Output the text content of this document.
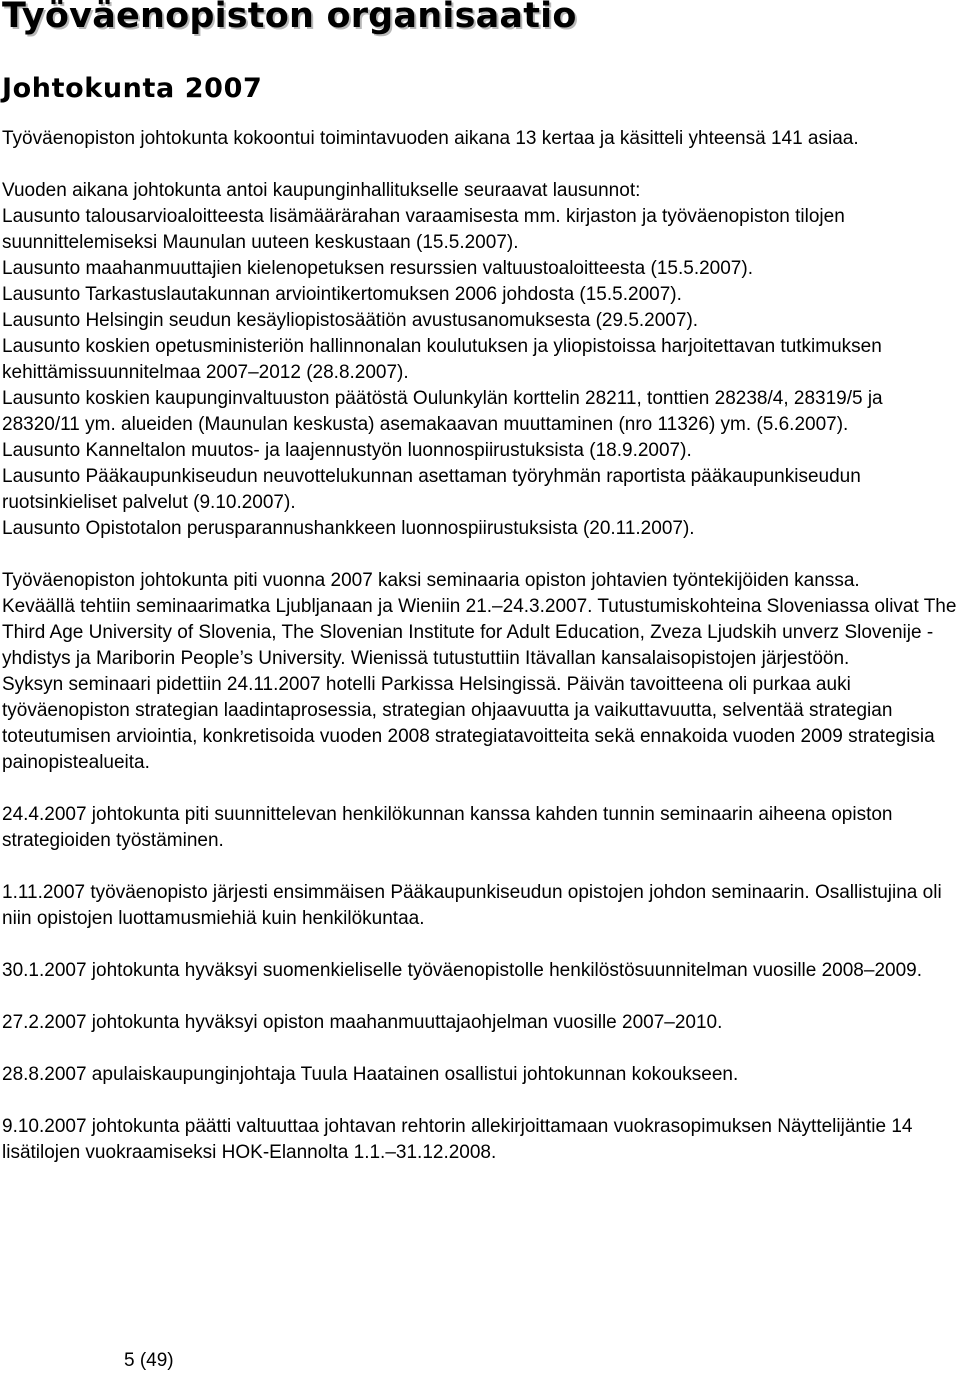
Työväenopiston organisaatio
Johtokunta 2007

Työväenopiston johtokunta kokoontui toimintavuoden aikana 13 kertaa ja käsitteli yhteensä 141 asiaa.

Vuoden aikana johtokunta antoi kaupunginhallitukselle seuraavat lausunnot:

Lausunto talousarvioaloitteesta lisämäärärahan varaamisesta mm. kirjaston ja työväenopiston tilojen suunnittelemiseksi Maunulan uuteen keskustaan (15.5.2007).

Lausunto maahanmuuttajien kielenopetuksen resurssien valtuustoaloitteesta (15.5.2007).

Lausunto Tarkastuslautakunnan arviointikertomuksen 2006 johdosta (15.5.2007).

Lausunto Helsingin seudun kesäyliopistosäätiön avustusanomuksesta (29.5.2007).

Lausunto koskien opetusministeriön hallinnonalan koulutuksen ja yliopistoissa harjoitettavan tutkimuksen kehittämissuunnitelmaa 2007–2012 (28.8.2007).

Lausunto koskien kaupunginvaltuuston päätöstä Oulunkylän korttelin 28211, tonttien 28238/4, 28319/5 ja 28320/11 ym. alueiden (Maunulan keskusta) asemakaavan muuttaminen (nro 11326) ym. (5.6.2007).

Lausunto Kanneltalon muutos- ja laajennustyön luonnospiirustuksista (18.9.2007).

Lausunto Pääkaupunkiseudun neuvottelukunnan asettaman työryhmän raportista pääkaupunkiseudun ruotsinkieliset palvelut (9.10.2007).

Lausunto Opistotalon perusparannushankkeen luonnospiirustuksista (20.11.2007).

Työväenopiston johtokunta piti vuonna 2007 kaksi seminaaria opiston johtavien työntekijöiden kanssa.

Keväällä tehtiin seminaarimatka Ljubljanaan ja Wieniin 21.–24.3.2007. Tutustumiskohteina Sloveniassa olivat The Third Age University of Slovenia, The Slovenian Institute for Adult Education, Zveza Ljudskih unverz Slovenije -yhdistys ja Mariborin People’s University. Wienissä tutustuttiin Itävallan kansalaisopistojen järjestöön.

Syksyn seminaari pidettiin 24.11.2007 hotelli Parkissa Helsingissä. Päivän tavoitteena oli purkaa auki työväenopiston strategian laadintaprosessia, strategian ohjaavuutta ja vaikuttavuutta, selventää strategian toteutumisen arviointia, konkretisoida vuoden 2008 strategiatavoitteita sekä ennakoida vuoden 2009 strategisia painopistealueita.

24.4.2007 johtokunta piti suunnittelevan henkilökunnan kanssa kahden tunnin seminaarin aiheena opiston strategioiden työstäminen.

1.11.2007 työväenopisto järjesti ensimmäisen Pääkaupunkiseudun opistojen johdon seminaarin. Osallistujina oli niin opistojen luottamusmiehiä kuin henkilökuntaa.

30.1.2007 johtokunta hyväksyi suomenkieliselle työväenopistolle henkilöstösuunnitelman vuosille 2008–2009.

27.2.2007 johtokunta hyväksyi opiston maahanmuuttajaohjelman vuosille 2007–2010.

28.8.2007 apulaiskaupunginjohtaja Tuula Haatainen osallistui johtokunnan kokoukseen.

9.10.2007 johtokunta päätti valtuuttaa johtavan rehtorin allekirjoittamaan vuokrasopimuksen Näyttelijäntie 14 lisätilojen vuokraamiseksi HOK-Elannolta 1.1.–31.12.2008.

5 (49)
